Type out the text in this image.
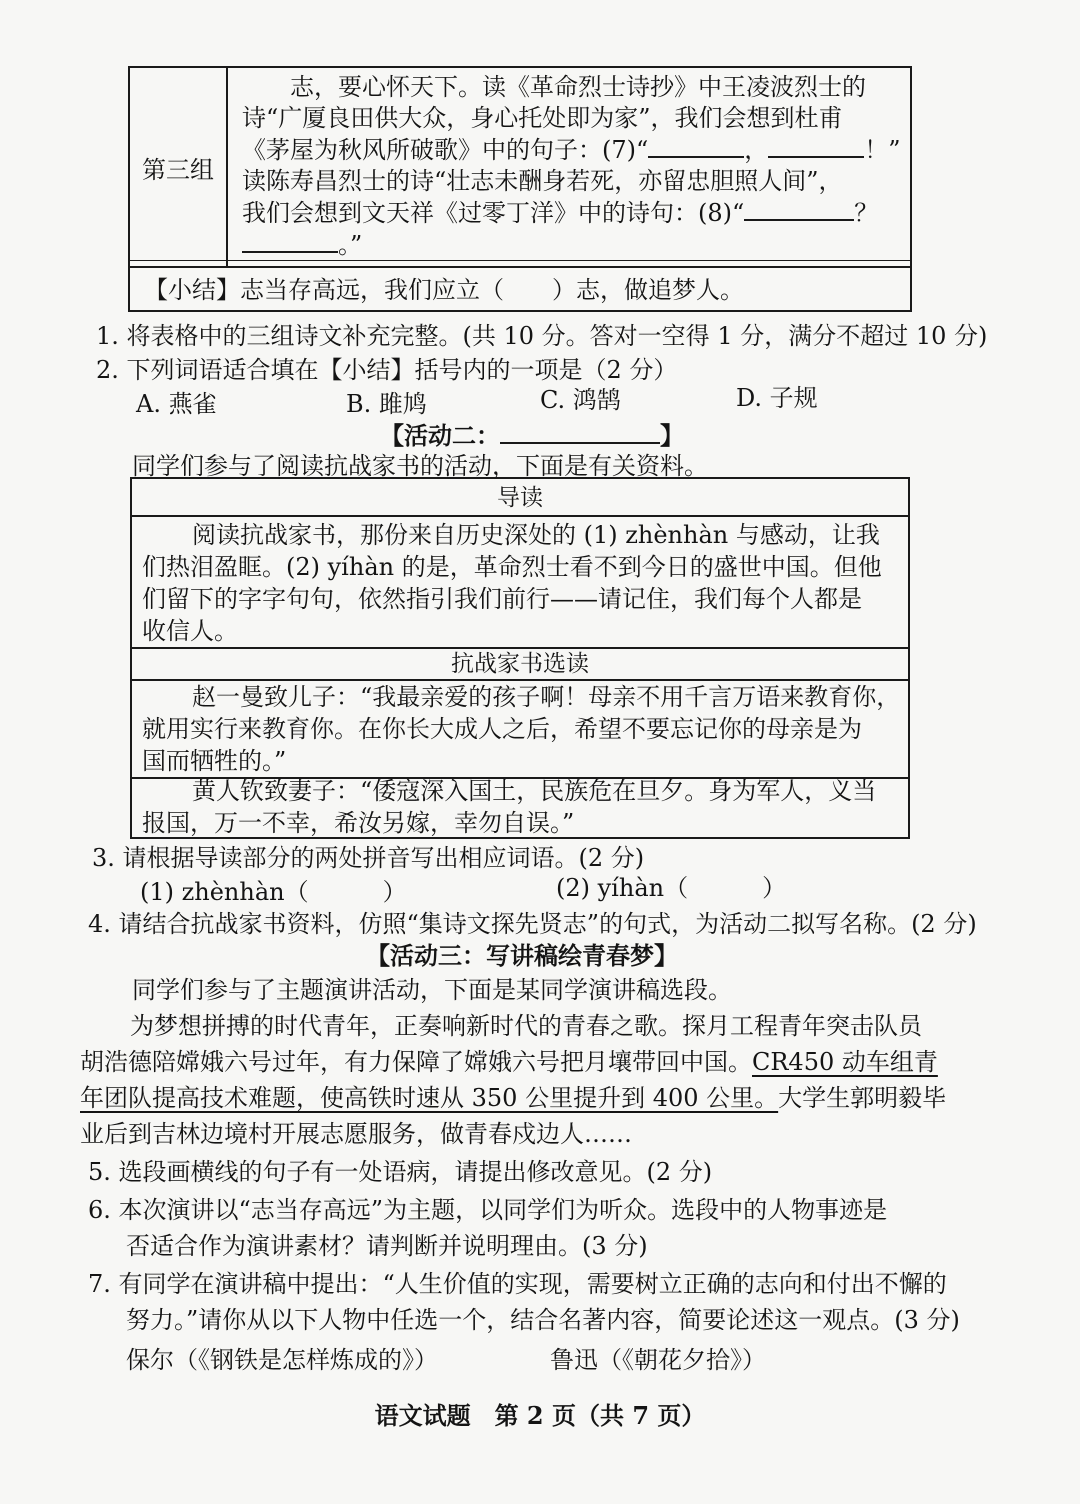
第三组
志，要心怀天下。读《革命烈士诗抄》中王凌波烈士的
诗“广厦良田供大众，身心托处即为家”，我们会想到杜甫
《茅屋为秋风所破歌》中的句子：(7)“	，	！”
读陈寿昌烈士的诗“壮志未酬身若死，亦留忠胆照人间”，
我们会想到文天祥《过零丁洋》中的诗句：(8)“	？
。”
【小结】志当存高远，我们应立（　　）志，做追梦人。
1. 将表格中的三组诗文补充完整。(共 10 分。答对一空得 1 分，满分不超过 10 分)
2. 下列词语适合填在【小结】括号内的一项是（2 分）
A. 燕雀	B. 雎鸠	C. 鸿鹄	D. 子规
【活动二：	】
同学们参与了阅读抗战家书的活动，下面是有关资料。
导读
阅读抗战家书，那份来自历史深处的 (1) zhènhàn 与感动，让我
们热泪盈眶。(2) yíhàn 的是，革命烈士看不到今日的盛世中国。但他
们留下的字字句句，依然指引我们前行——请记住，我们每个人都是
收信人。
抗战家书选读
赵一曼致儿子：“我最亲爱的孩子啊！母亲不用千言万语来教育你，
就用实行来教育你。在你长大成人之后，希望不要忘记你的母亲是为
国而牺牲的。”
黄人钦致妻子：“倭寇深入国土，民族危在旦夕。身为军人，义当
报国，万一不幸，希汝另嫁，幸勿自误。”
3. 请根据导读部分的两处拼音写出相应词语。(2 分)
(1) zhènhàn（	）	(2) yíhàn（	）
4. 请结合抗战家书资料，仿照“集诗文探先贤志”的句式，为活动二拟写名称。(2 分)
【活动三：写讲稿绘青春梦】
同学们参与了主题演讲活动，下面是某同学演讲稿选段。
为梦想拼搏的时代青年，正奏响新时代的青春之歌。探月工程青年突击队员
胡浩德陪嫦娥六号过年，有力保障了嫦娥六号把月壤带回中国。CR450 动车组青
年团队提高技术难题，使高铁时速从 350 公里提升到 400 公里。大学生郭明毅毕
业后到吉林边境村开展志愿服务，做青春戍边人……
5. 选段画横线的句子有一处语病，请提出修改意见。(2 分)
6. 本次演讲以“志当存高远”为主题，以同学们为听众。选段中的人物事迹是
否适合作为演讲素材？请判断并说明理由。(3 分)
7. 有同学在演讲稿中提出：“人生价值的实现，需要树立正确的志向和付出不懈的
努力。”请你从以下人物中任选一个，结合名著内容，简要论述这一观点。(3 分)
保尔（《钢铁是怎样炼成的》）	鲁迅（《朝花夕拾》）
语文试题　第 2 页（共 7 页）
